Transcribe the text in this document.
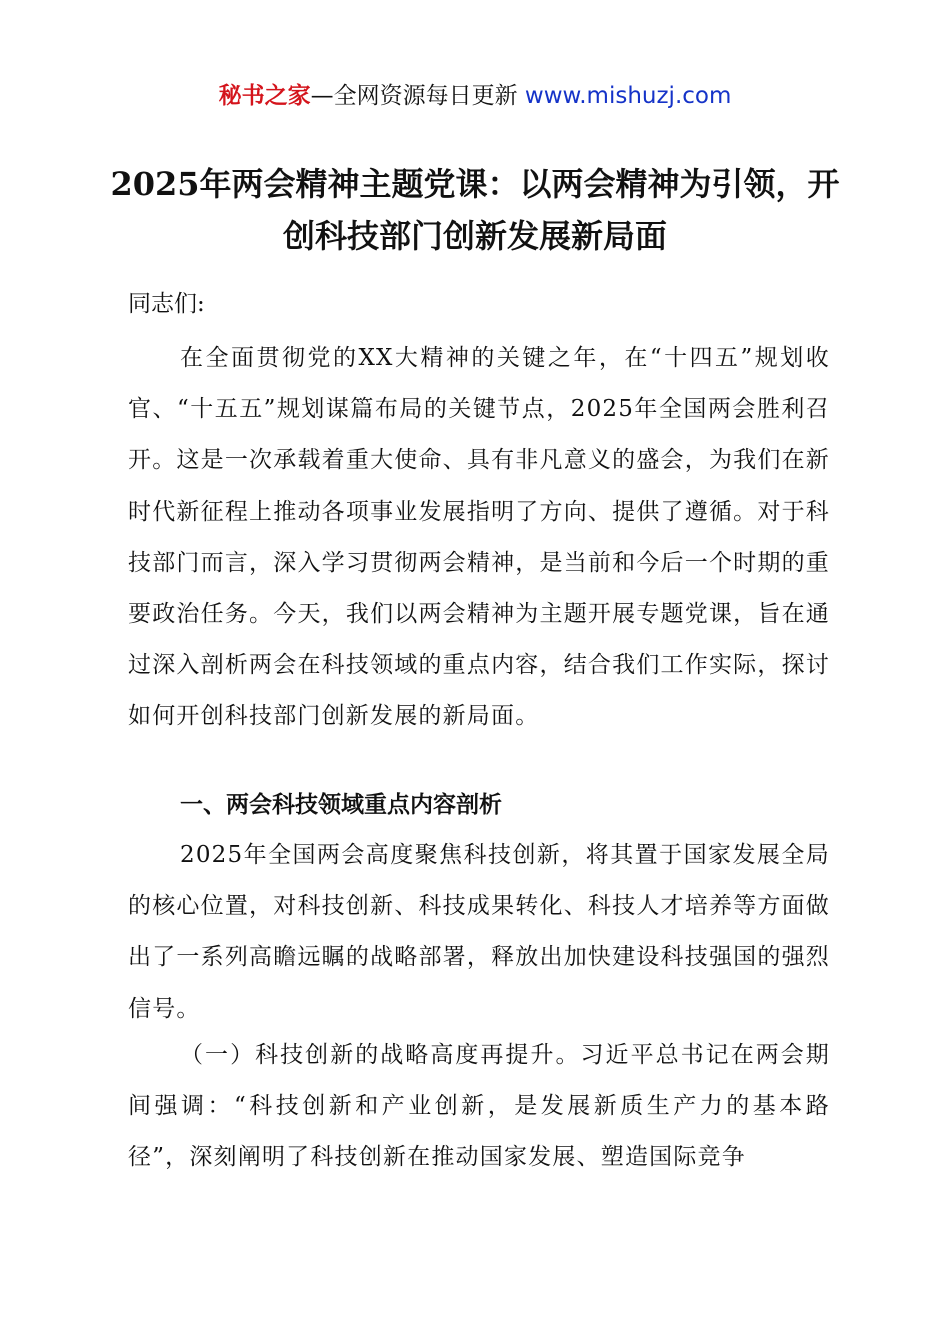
秘书之家—全网资源每日更新 www.mishuzj.com
2025年两会精神主题党课：以两会精神为引领，开创科技部门创新发展新局面

同志们:

在全面贯彻党的XX大精神的关键之年，在“十四五”规划收官、“十五五”规划谋篇布局的关键节点，2025年全国两会胜利召开。这是一次承载着重大使命、具有非凡意义的盛会，为我们在新时代新征程上推动各项事业发展指明了方向、提供了遵循。对于科技部门而言，深入学习贯彻两会精神，是当前和今后一个时期的重要政治任务。今天，我们以两会精神为主题开展专题党课，旨在通过深入剖析两会在科技领域的重点内容，结合我们工作实际，探讨如何开创科技部门创新发展的新局面。

一、两会科技领域重点内容剖析

2025年全国两会高度聚焦科技创新，将其置于国家发展全局的核心位置，对科技创新、科技成果转化、科技人才培养等方面做出了一系列高瞻远瞩的战略部署，释放出加快建设科技强国的强烈信号。

（一）科技创新的战略高度再提升。习近平总书记在两会期间强调：“科技创新和产业创新，是发展新质生产力的基本路径”，深刻阐明了科技创新在推动国家发展、塑造国际竞争
